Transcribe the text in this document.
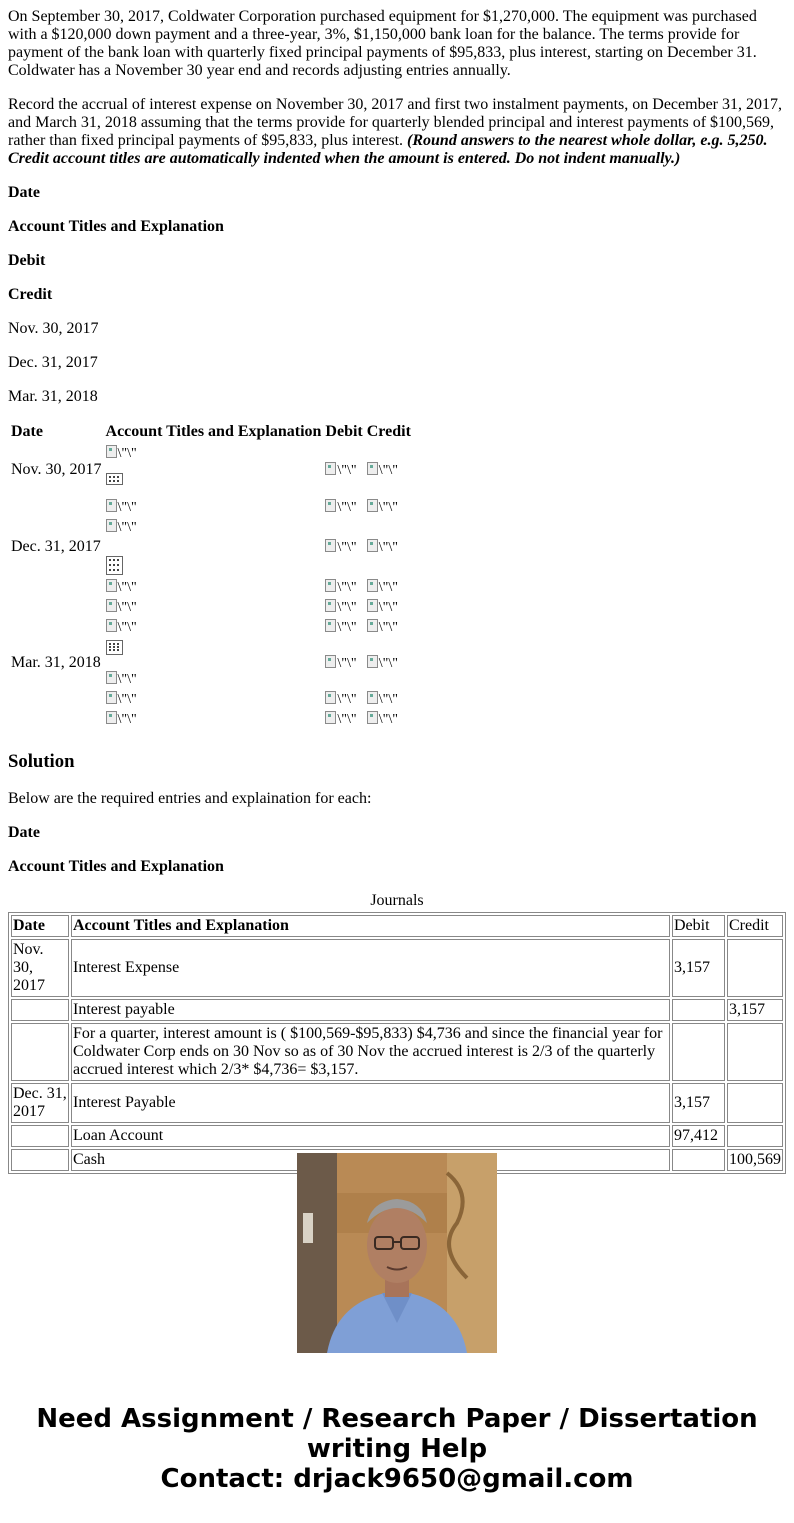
On September 30, 2017, Coldwater Corporation purchased equipment for $1,270,000. The equipment was purchased with a $120,000 down payment and a three-year, 3%, $1,150,000 bank loan for the balance. The terms provide for payment of the bank loan with quarterly fixed principal payments of $95,833, plus interest, starting on December 31. Coldwater has a November 30 year end and records adjusting entries annually.

Record the accrual of interest expense on November 30, 2017 and first two instalment payments, on December 31, 2017, and March 31, 2018 assuming that the terms provide for quarterly blended principal and interest payments of $100,569, rather than fixed principal payments of $95,833, plus interest. (Round answers to the nearest whole dollar, e.g. 5,250. Credit account titles are automatically indented when the amount is entered. Do not indent manually.)

Date

Account Titles and Explanation

Debit

Credit

Nov. 30, 2017

Dec. 31, 2017

Mar. 31, 2018

Date	Account Titles and Explanation	Debit	Credit
Nov. 30, 2017	\"\"	\"\"	\"\"
	\"\"	\"\"	\"\"
Dec. 31, 2017	\"\"	\"\"	\"\"
	\"\"	\"\"	\"\"
	\"\"	\"\"	\"\"
	\"\"	\"\"	\"\"
Mar. 31, 2018	\"\"	\"\"	\"\"
	\"\"	\"\"	\"\"
	\"\"	\"\"	\"\"
Solution

Below are the required entries and explaination for each:

Date

Account Titles and Explanation

Journals
Date	Account Titles and Explanation	Debit	Credit
Nov. 30, 2017	Interest Expense	3,157	
	Interest payable		3,157
	For a quarter, interest amount is ( $100,569-$95,833) $4,736 and since the financial year for Coldwater Corp ends on 30 Nov so as of 30 Nov the accrued interest is 2/3 of the quarterly accrued interest which 2/3* $4,736= $3,157.		
Dec. 31, 2017	Interest Payable	3,157	
	Loan Account	97,412	
	Cash		100,569
Need Assignment / Research Paper / Dissertation
writing Help
Contact: drjack9650@gmail.com
